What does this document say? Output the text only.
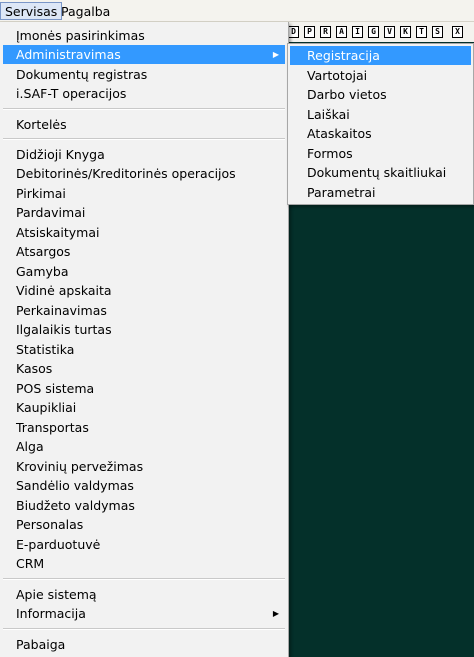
Servisas Pagalba
D	P	R	A	I	G	V	K	T	S	X
Įmonės pasirinkimas
Administravimas	▶
Dokumentų registras
i.SAF-T operacijos
Kortelės
Didžioji Knyga
Debitorinės/Kreditorinės operacijos
Pirkimai
Pardavimai
Atsiskaitymai
Atsargos
Gamyba
Vidinė apskaita
Perkainavimas
Ilgalaikis turtas
Statistika
Kasos
POS sistema
Kaupikliai
Transportas
Alga
Krovinių pervežimas
Sandėlio valdymas
Biudžeto valdymas
Personalas
E-parduotuvė
CRM
Apie sistemą
Informacija	▶
Pabaiga
Registracija
Vartotojai
Darbo vietos
Laiškai
Ataskaitos
Formos
Dokumentų skaitliukai
Parametrai
